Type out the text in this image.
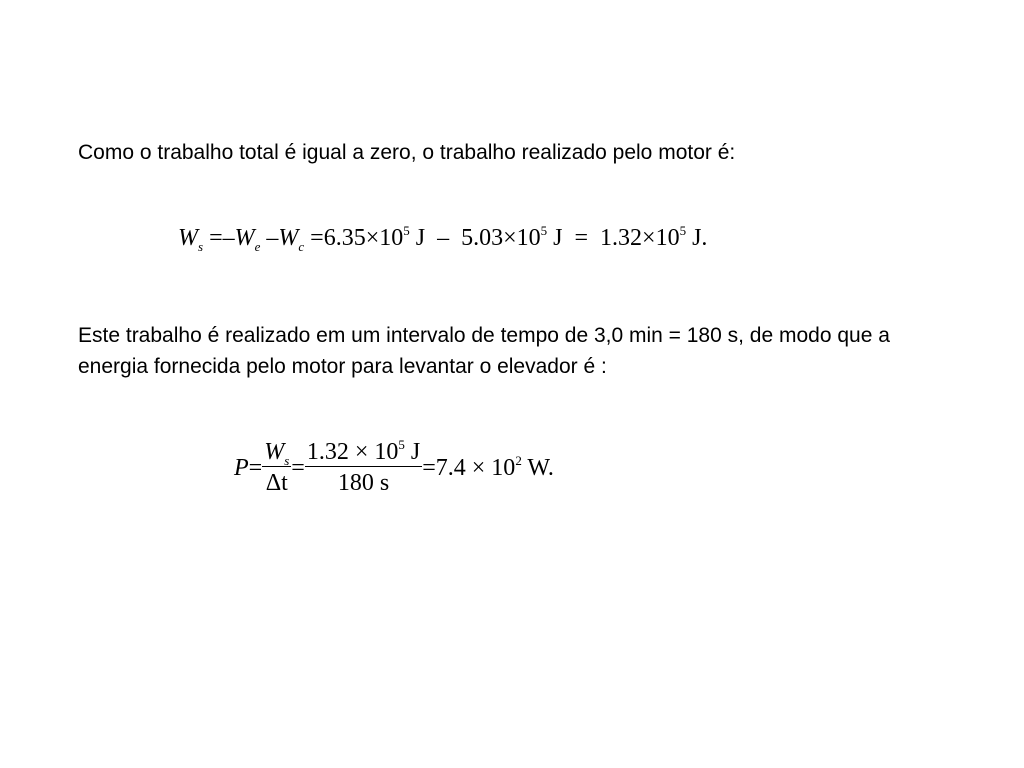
Como o trabalho total é igual a zero, o trabalho realizado pelo motor é:

$W_s =-W_e$ $-W_c =6.35\times 10^5$ $J - 5.03\times 10^5$ $J = 1.32\times 10^5$ J.

Este trabalho é realizado em um intervalo de tempo de 3,0 min = 180 s, de modo que a energia fornecida pelo motor para levantar o elevador é :

$P= \frac{W_s}{\Delta t} = \frac{1.32 \times 10^5 J}{180 s} =7.4 \times 10^2$ W.
